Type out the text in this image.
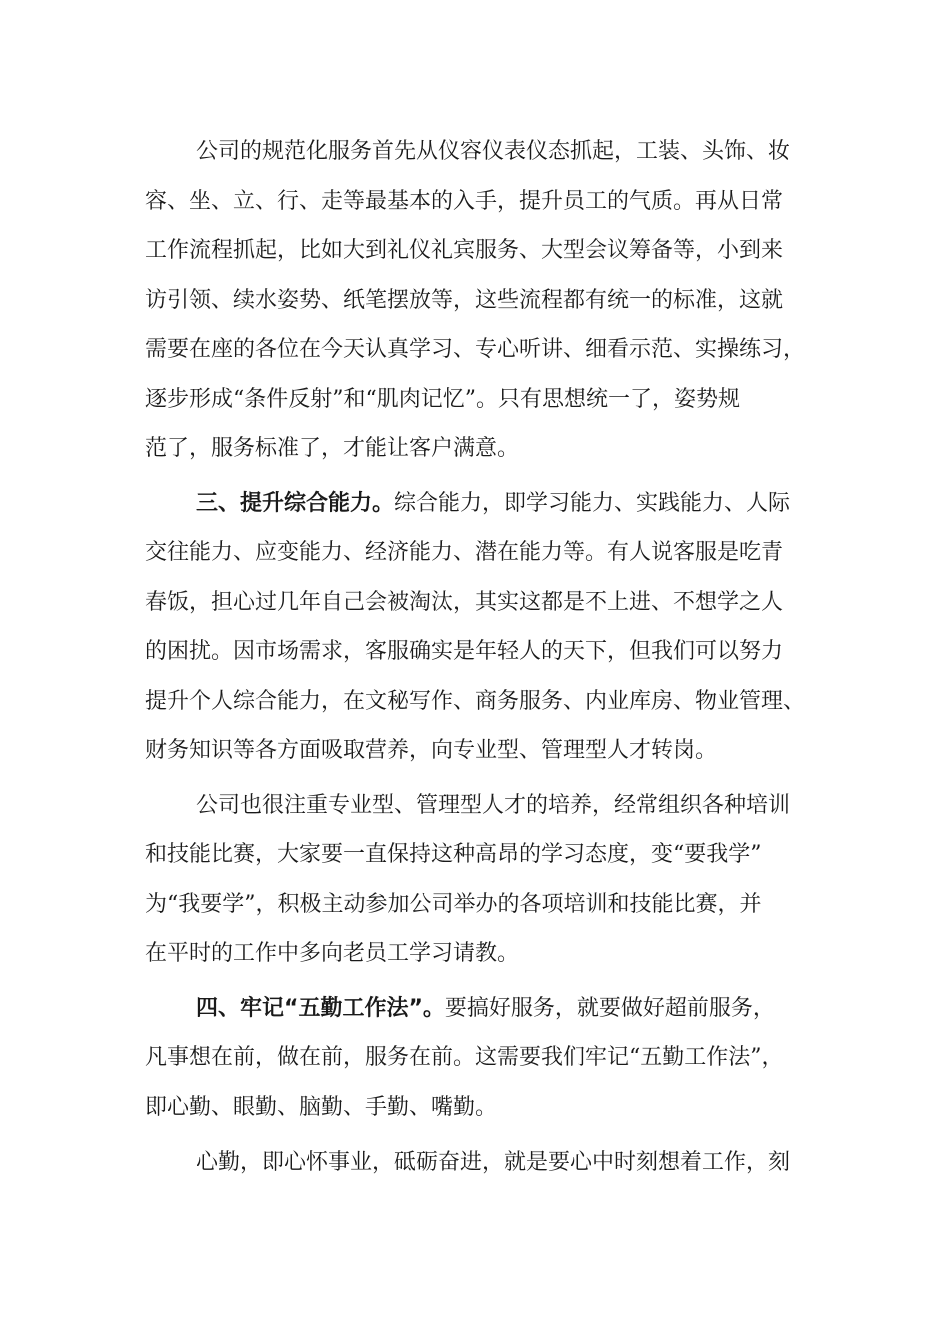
公司的规范化服务首先从仪容仪表仪态抓起，工装、头饰、妆
容、坐、立、行、走等最基本的入手，提升员工的气质。再从日常
工作流程抓起，比如大到礼仪礼宾服务、大型会议筹备等，小到来
访引领、续水姿势、纸笔摆放等，这些流程都有统一的标准，这就
需要在座的各位在今天认真学习、专心听讲、细看示范、实操练习，
逐步形成“条件反射”和“肌肉记忆”。只有思想统一了，姿势规
范了，服务标准了，才能让客户满意。
三、提升综合能力。综合能力，即学习能力、实践能力、人际
交往能力、应变能力、经济能力、潜在能力等。有人说客服是吃青
春饭，担心过几年自己会被淘汰，其实这都是不上进、不想学之人
的困扰。因市场需求，客服确实是年轻人的天下，但我们可以努力
提升个人综合能力，在文秘写作、商务服务、内业库房、物业管理、
财务知识等各方面吸取营养，向专业型、管理型人才转岗。
公司也很注重专业型、管理型人才的培养，经常组织各种培训
和技能比赛，大家要一直保持这种高昂的学习态度，变“要我学”
为“我要学”，积极主动参加公司举办的各项培训和技能比赛，并
在平时的工作中多向老员工学习请教。
四、牢记“五勤工作法”。要搞好服务，就要做好超前服务，
凡事想在前，做在前，服务在前。这需要我们牢记“五勤工作法”，
即心勤、眼勤、脑勤、手勤、嘴勤。
心勤，即心怀事业，砥砺奋进，就是要心中时刻想着工作，刻
